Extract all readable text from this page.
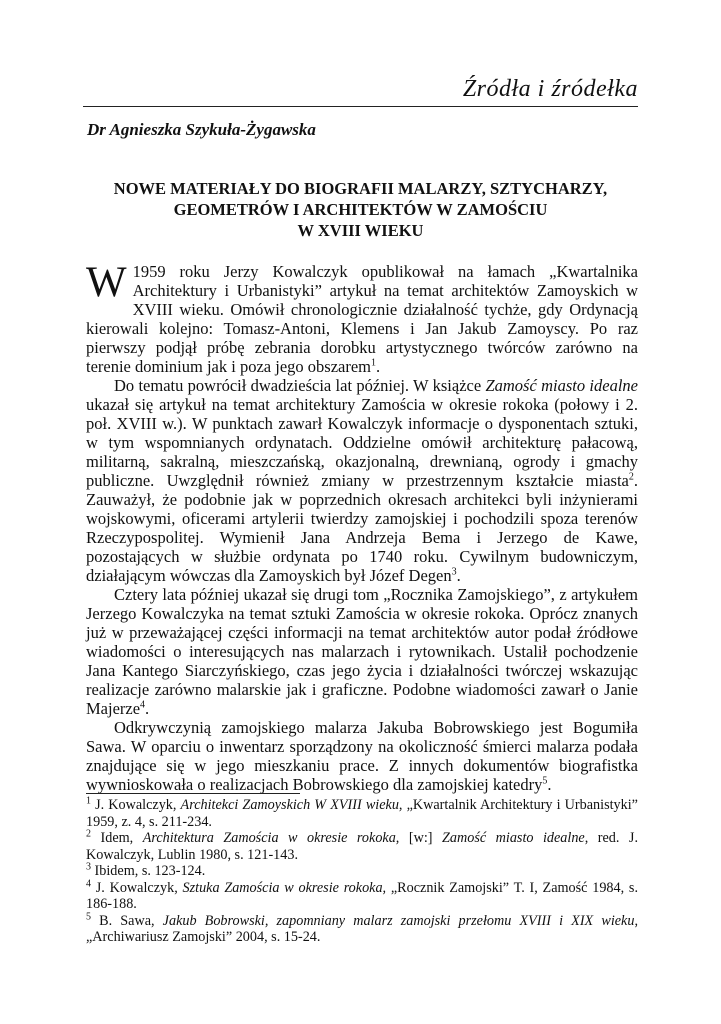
Źródła i źródełka
Dr Agnieszka Szykuła-Żygawska
NOWE MATERIAŁY DO BIOGRAFII MALARZY, SZTYCHARZY,
GEOMETRÓW I ARCHITEKTÓW W ZAMOŚCIU
W XVIII WIEKU

W 1959 roku Jerzy Kowalczyk opublikował na łamach „Kwartalnika Architektury i Urbanistyki” artykuł na temat architektów Zamoyskich w XVIII wieku. Omówił chronologicznie działalność tychże, gdy Ordynacją kierowali kolejno: Tomasz-Antoni, Klemens i Jan Jakub Zamoyscy. Po raz pierwszy podjął próbę zebrania dorobku artystycznego twórców zarówno na terenie dominium jak i poza jego obszarem$^1$.

Do tematu powrócił dwadzieścia lat później. W książce Zamość miasto idealne ukazał się artykuł na temat architektury Zamościa w okresie rokoka (połowy i 2. poł. XVIII w.). W punktach zawarł Kowalczyk informacje o dysponentach sztuki, w tym wspomnianych ordynatach. Oddzielne omówił architekturę pałacową, militarną, sakralną, mieszczańską, okazjonalną, drewnianą, ogrody i gmachy publiczne. Uwzględnił również zmiany w przestrzennym kształcie miasta$^2$. Zauważył, że podobnie jak w poprzednich okresach architekci byli inżynierami wojskowymi, oficerami artylerii twierdzy zamojskiej i pochodzili spoza terenów Rzeczypospolitej. Wymienił Jana Andrzeja Bema i Jerzego de Kawe, pozostających w służbie ordynata po 1740 roku. Cywilnym budowniczym, działającym wówczas dla Zamoyskich był Józef Degen$^3$.

Cztery lata później ukazał się drugi tom „Rocznika Zamojskiego”, z artykułem Jerzego Kowalczyka na temat sztuki Zamościa w okresie rokoka. Oprócz znanych już w przeważającej części informacji na temat architektów autor podał źródłowe wiadomości o interesujących nas malarzach i rytownikach. Ustalił pochodzenie Jana Kantego Siarczyńskiego, czas jego życia i działalności twórczej wskazując realizacje zarówno malarskie jak i graficzne. Podobne wiadomości zawarł o Janie Majerze$^4$.

Odkrywczynią zamojskiego malarza Jakuba Bobrowskiego jest Bogumiła Sawa. W oparciu o inwentarz sporządzony na okoliczność śmierci malarza podała znajdujące się w jego mieszkaniu prace. Z innych dokumentów biografistka wywnioskowała o realizacjach Bobrowskiego dla zamojskiej katedry$^5$.

$^1$ J. Kowalczyk, Architekci Zamoyskich W XVIII wieku, „Kwartalnik Architektury i Urbanistyki” 1959, z. 4, s. 211-234.

$^2$ Idem, Architektura Zamościa w okresie rokoka, [w:] Zamość miasto idealne, red. J. Kowalczyk, Lublin 1980, s. 121-143.

$^3$ Ibidem, s. 123-124.

$^4$ J. Kowalczyk, Sztuka Zamościa w okresie rokoka, „Rocznik Zamojski” T. I, Zamość 1984, s. 186-188.

$^5$ B. Sawa, Jakub Bobrowski, zapomniany malarz zamojski przełomu XVIII i XIX wieku, „Archiwariusz Zamojski” 2004, s. 15-24.
